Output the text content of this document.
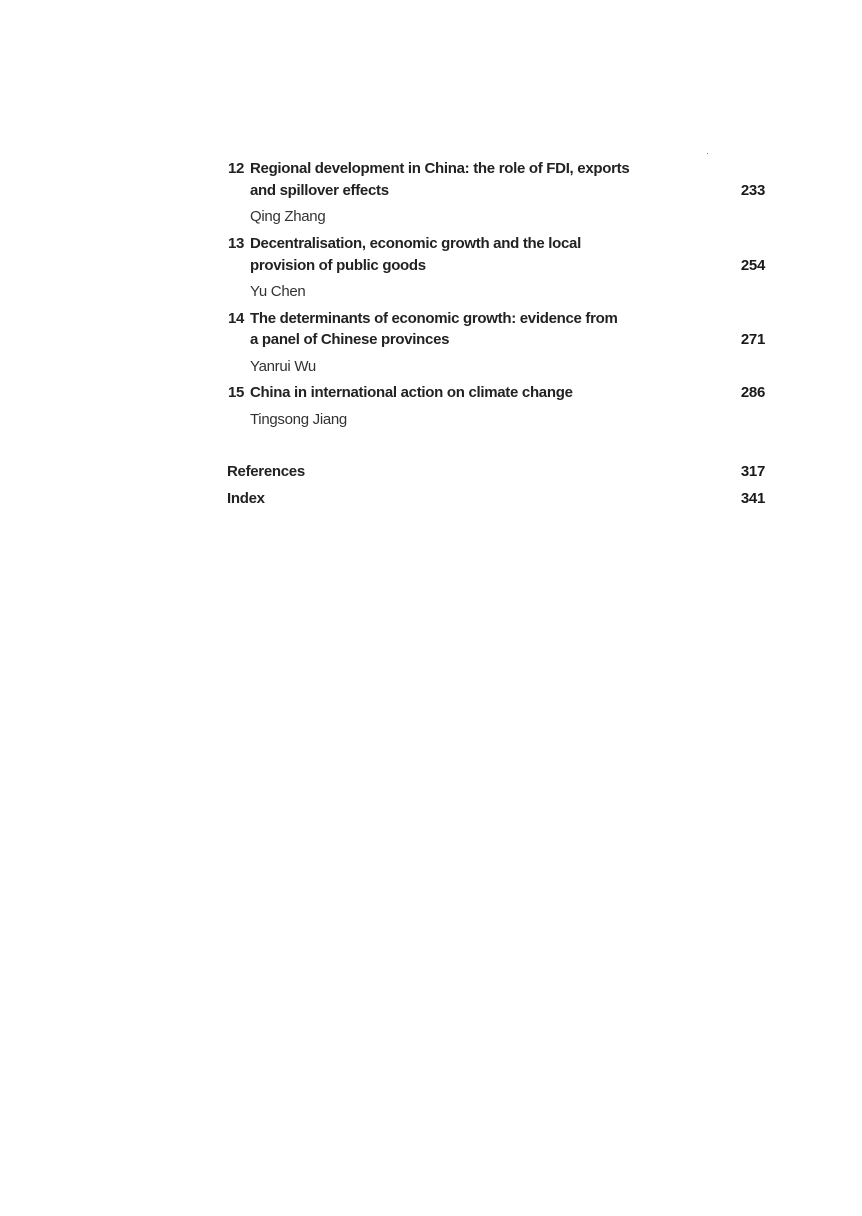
12 Regional development in China: the role of FDI, exports
and spillover effects	233
Qing Zhang
13 Decentralisation, economic growth and the local
provision of public goods	254
Yu Chen
14 The determinants of economic growth: evidence from
a panel of Chinese provinces	271
Yanrui Wu
15 China in international action on climate change	286
Tingsong Jiang
References	317
Index	341
